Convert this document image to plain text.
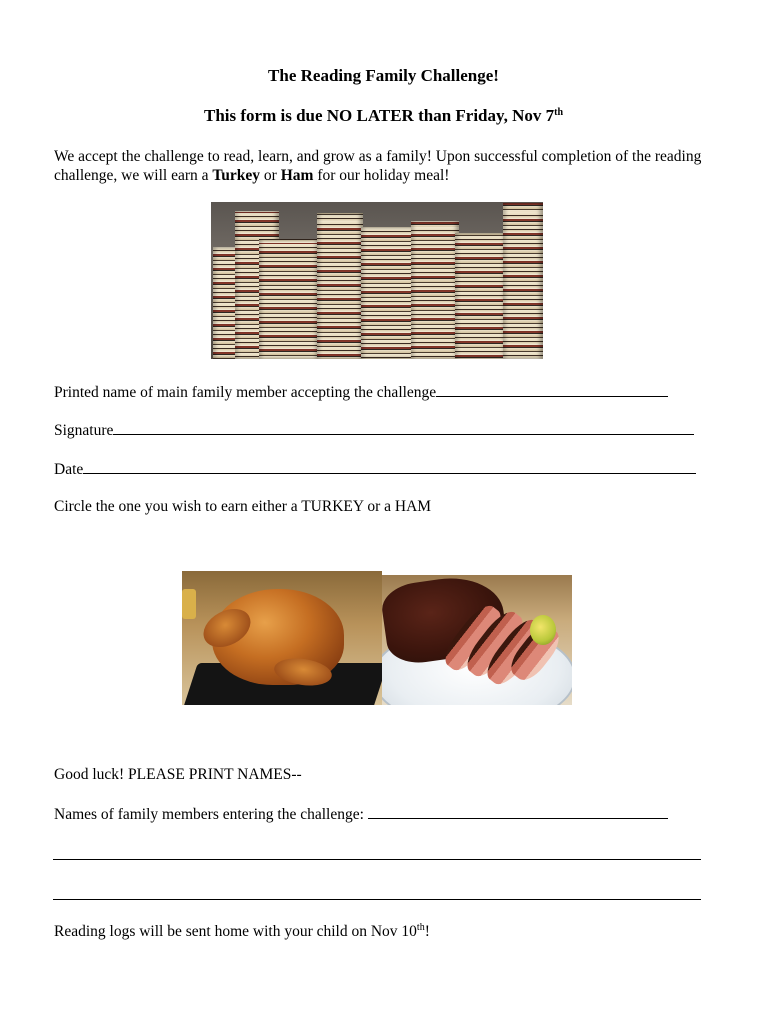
The Reading Family Challenge!
This form is due NO LATER than Friday, Nov 7th
We accept the challenge to read, learn, and grow as a family! Upon successful completion of the reading challenge, we will earn a Turkey or Ham for our holiday meal!
Printed name of main family member accepting the challenge
Signature
Date
Circle the one you wish to earn either a TURKEY or a HAM
Good luck! PLEASE PRINT NAMES--
Names of family members entering the challenge:
Reading logs will be sent home with your child on Nov 10th!
